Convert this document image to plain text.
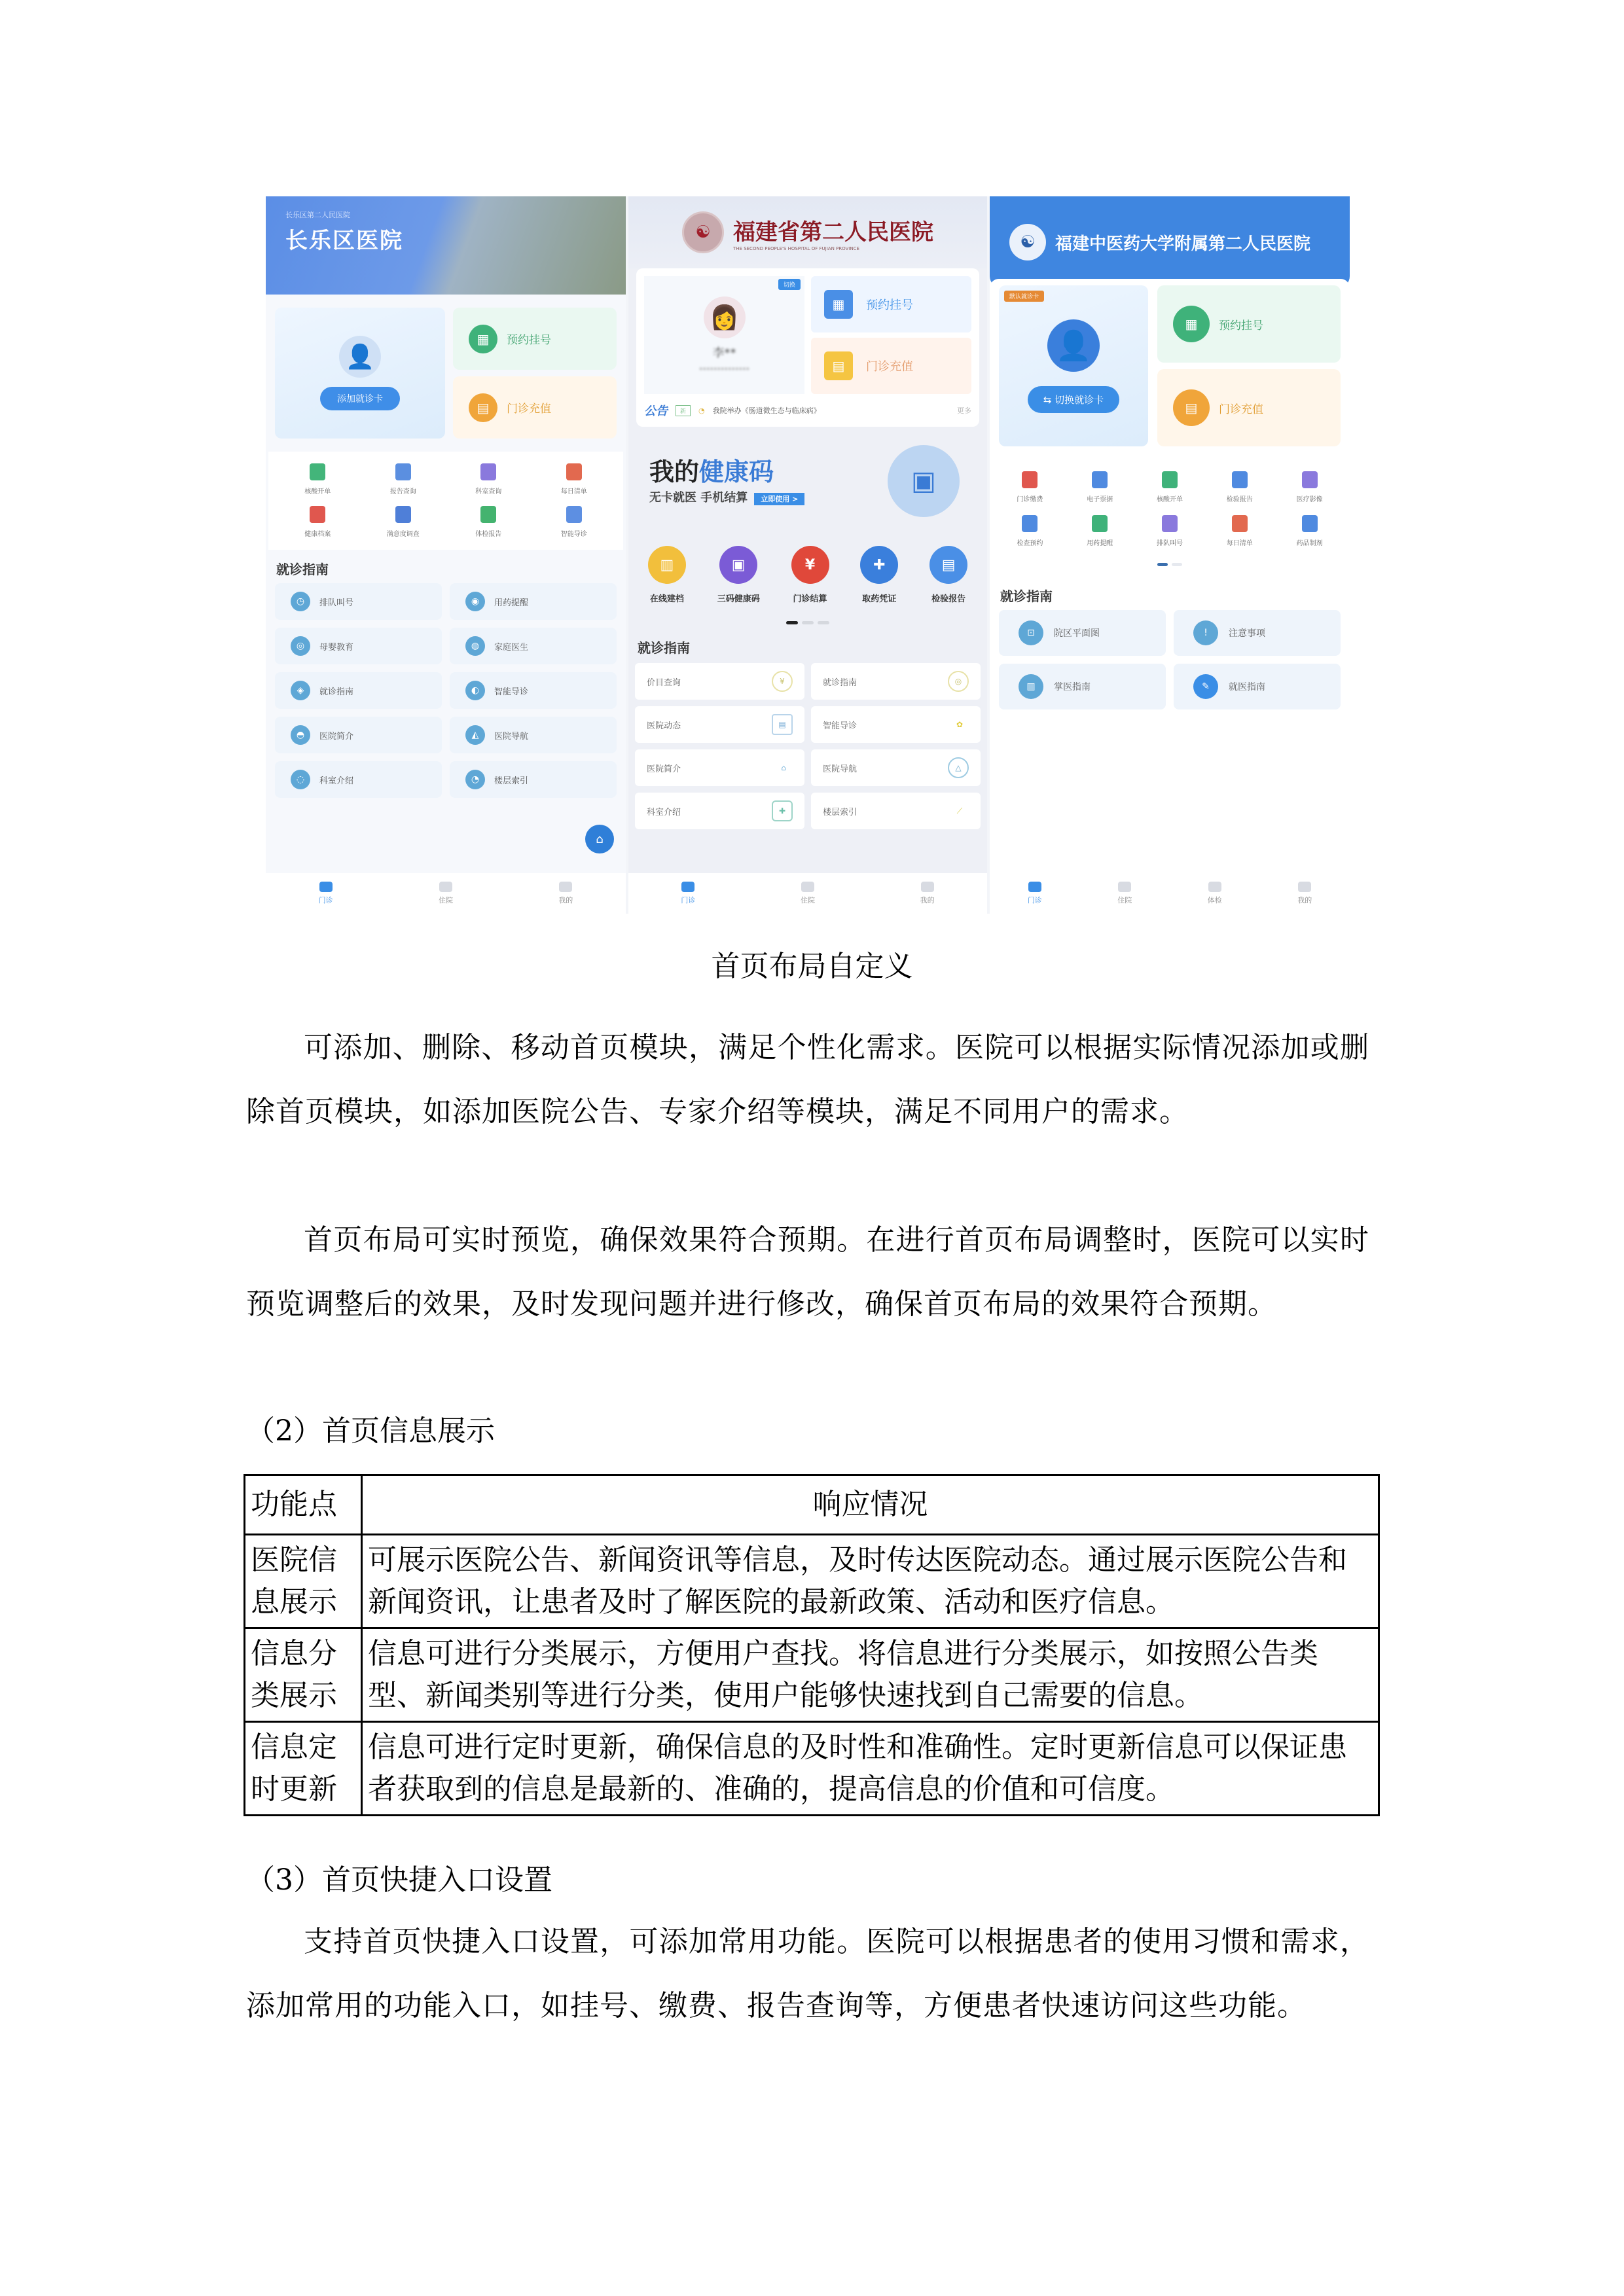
长乐区第二人民医院
长乐区医院
👤
添加就诊卡
▦	预约挂号
▤	门诊充值
核酸开单	报告查询	科室查询	每日清单
健康档案	满意度调查	体检报告	智能导诊
就诊指南
◷	排队叫号	◉	用药提醒
◎	母婴教育	◍	家庭医生
◈	就诊指南	◐	智能导诊
◓	医院简介	◭	医院导航
◌	科室介绍	◔	楼层索引
⌂
门诊	住院	我的
☯	福建省第二人民医院
THE SECOND PEOPLE'S HOSPITAL OF FUJIAN PROVINCE
切换
👩
李**
**************
▦	预约挂号
▤	门诊充值
公告	新	◔ 我院举办《肠道微生态与临床病》	更多
我的健康码
无卡就医 手机结算 立即使用 >
▣
▥
在线建档
▣
三码健康码
¥
门诊结算
✚
取药凭证
▤
检验报告
就诊指南
价目查询	¥	就诊指南	◎
医院动态	▤	智能导诊	✿
医院简介	⌂	医院导航	△
科室介绍	✚	楼层索引	⟋
门诊	住院	我的
☯	福建中医药大学附属第二人民医院
默认就诊卡
👤
⇆ 切换就诊卡
▦	预约挂号
▤	门诊充值
门诊缴费	电子票据	核酸开单	检验报告	医疗影像
检查预约	用药提醒	排队叫号	每日清单	药品制剂
就诊指南
⊡	院区平面图	!	注意事项
▥	掌医指南	✎	就医指南
门诊	住院	体检	我的
首页布局自定义

可添加、删除、移动首页模块，满足个性化需求。医院可以根据实际情况添加或删除首页模块，如添加医院公告、专家介绍等模块，满足不同用户的需求。

首页布局可实时预览，确保效果符合预期。在进行首页布局调整时，医院可以实时预览调整后的效果，及时发现问题并进行修改，确保首页布局的效果符合预期。

（2）首页信息展示
功能点	响应情况
医院信息展示	可展示医院公告、新闻资讯等信息，及时传达医院动态。通过展示医院公告和新闻资讯，让患者及时了解医院的最新政策、活动和医疗信息。
信息分类展示	信息可进行分类展示，方便用户查找。将信息进行分类展示，如按照公告类型、新闻类别等进行分类，使用户能够快速找到自己需要的信息。
信息定时更新	信息可进行定时更新，确保信息的及时性和准确性。定时更新信息可以保证患者获取到的信息是最新的、准确的，提高信息的价值和可信度。
（3）首页快捷入口设置

支持首页快捷入口设置，可添加常用功能。医院可以根据患者的使用习惯和需求，添加常用的功能入口，如挂号、缴费、报告查询等，方便患者快速访问这些功能。
